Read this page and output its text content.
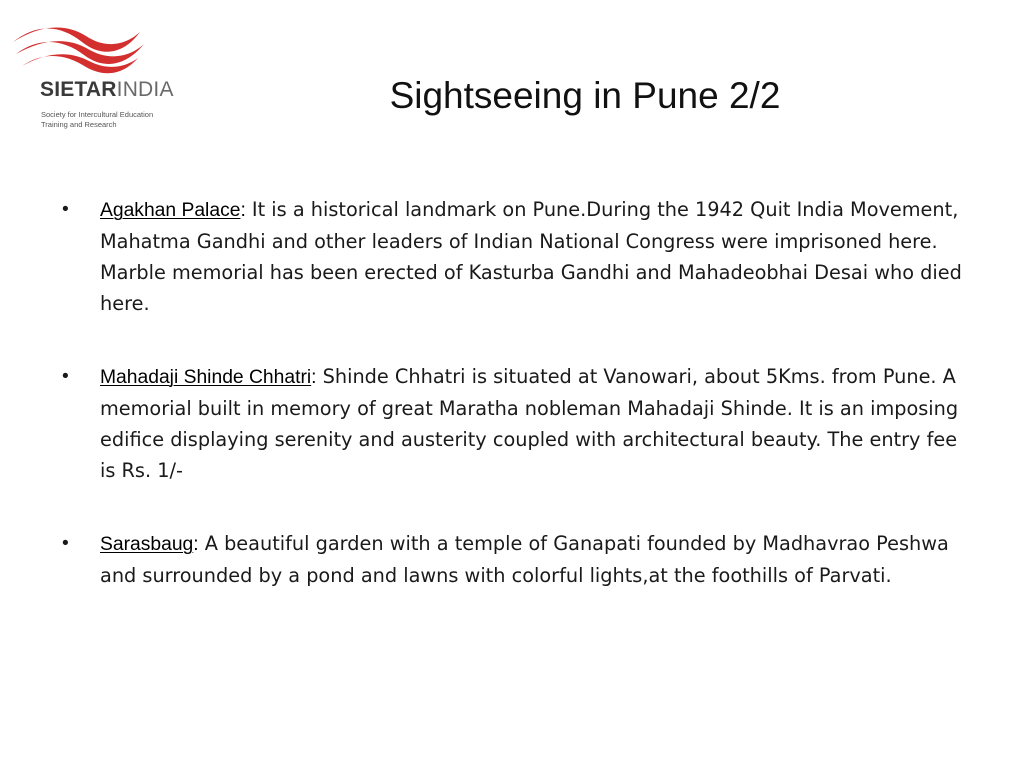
SIETARINDIA
Society for Intercultural Education
Training and Research
Sightseeing in Pune 2/2
•	Agakhan Palace: It is a historical landmark on Pune.During the 1942 Quit India Movement, Mahatma Gandhi and other leaders of Indian National Congress were imprisoned here. Marble memorial has been erected of Kasturba Gandhi and Mahadeobhai Desai who died here.
•	Mahadaji Shinde Chhatri: Shinde Chhatri is situated at Vanowari, about 5Kms. from Pune. A memorial built in memory of great Maratha nobleman Mahadaji Shinde. It is an imposing edifice displaying serenity and austerity coupled with architectural beauty. The entry fee is Rs. 1/-
•	Sarasbaug: A beautiful garden with a temple of Ganapati founded by Madhavrao Peshwa and surrounded by a pond and lawns with colorful lights,at the foothills of Parvati.
